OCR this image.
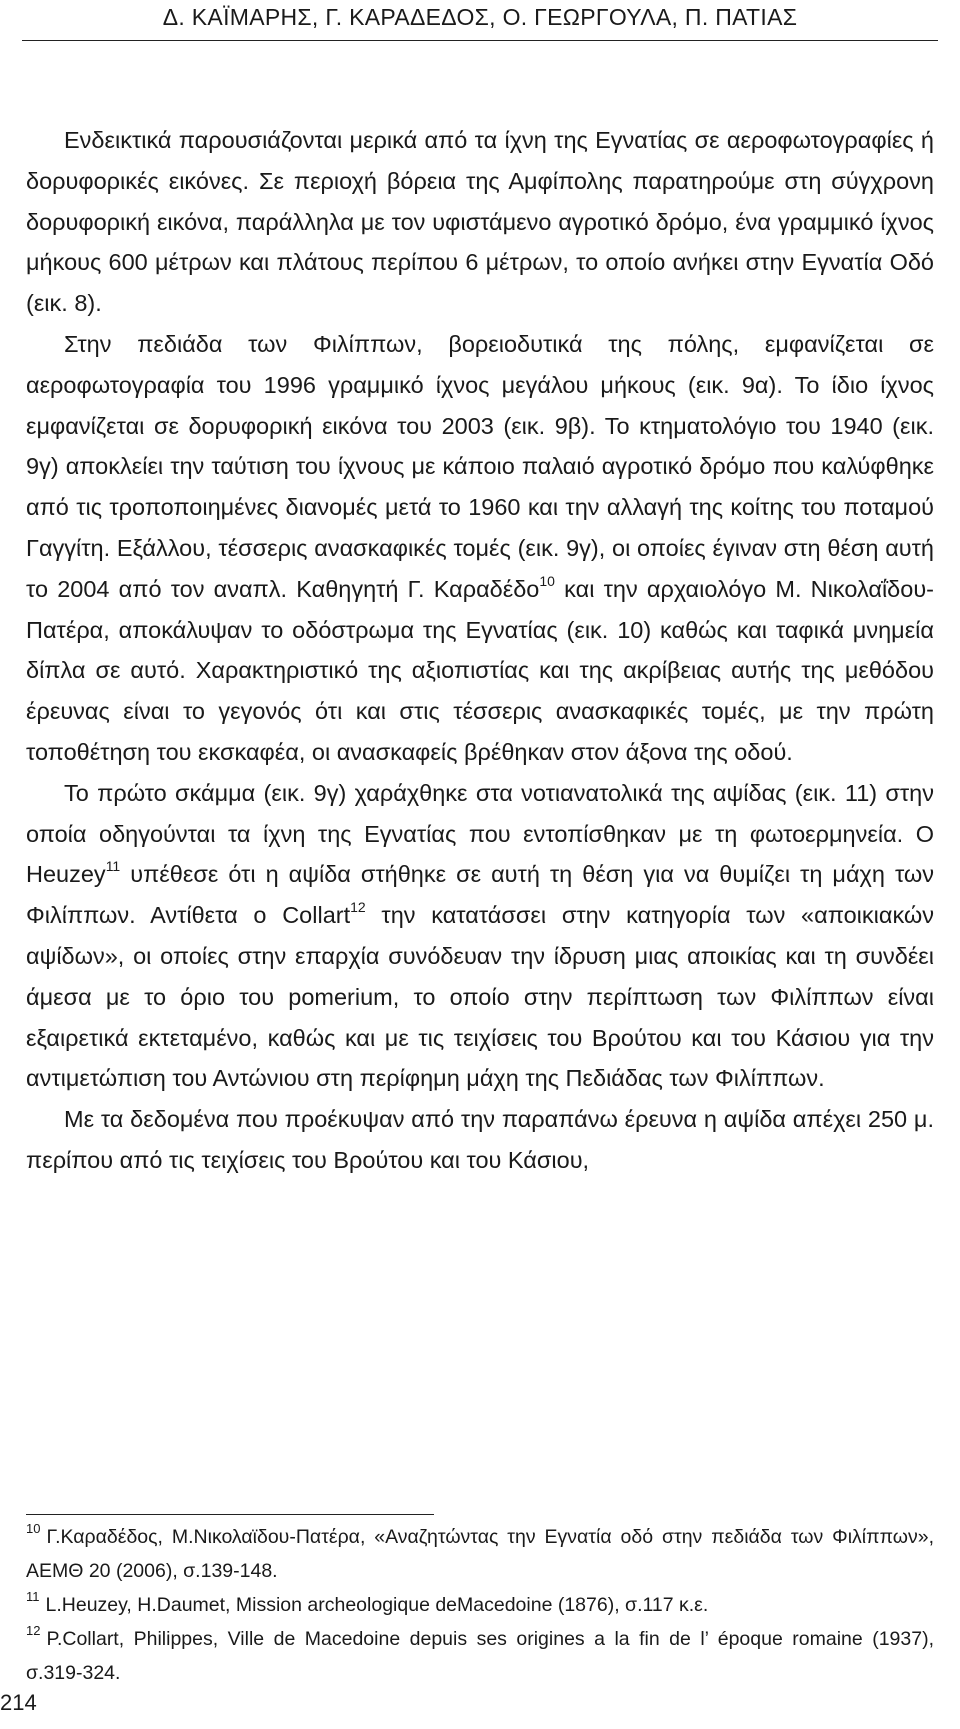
Δ. ΚΑΪΜΑΡΗΣ, Γ. ΚΑΡΑΔΕΔΟΣ, Ο. ΓΕΩΡΓΟΥΛΑ, Π. ΠΑΤΙΑΣ

Ενδεικτικά παρουσιάζονται μερικά από τα ίχνη της Εγνατίας σε αεροφωτογραφίες ή δορυφορικές εικόνες. Σε περιοχή βόρεια της Αμφίπολης παρατηρούμε στη σύγχρονη δορυφορική εικόνα, παράλληλα με τον υφιστάμενο αγροτικό δρόμο, ένα γραμμικό ίχνος μήκους 600 μέτρων και πλάτους περίπου 6 μέτρων, το οποίο ανήκει στην Εγνατία Οδό (εικ. 8).

Στην πεδιάδα των Φιλίππων, βορειοδυτικά της πόλης, εμφανίζεται σε αεροφωτογραφία του 1996 γραμμικό ίχνος μεγάλου μήκους (εικ. 9α). Το ίδιο ίχνος εμφανίζεται σε δορυφορική εικόνα του 2003 (εικ. 9β). Το κτηματολόγιο του 1940 (εικ. 9γ) αποκλείει την ταύτιση του ίχνους με κάποιο παλαιό αγροτικό δρόμο που καλύφθηκε από τις τροποποιημένες διανομές μετά το 1960 και την αλλαγή της κοίτης του ποταμού Γαγγίτη. Εξάλλου, τέσσερις ανασκαφικές τομές (εικ. 9γ), οι οποίες έγιναν στη θέση αυτή το 2004 από τον αναπλ. Καθηγητή Γ. Καραδέδο$^{10}$ και την αρχαιολόγο Μ. Νικολαΐδου-Πατέρα, αποκάλυψαν το οδόστρωμα της Εγνατίας (εικ. 10) καθώς και ταφικά μνημεία δίπλα σε αυτό. Χαρακτηριστικό της αξιοπιστίας και της ακρίβειας αυτής της μεθόδου έρευνας είναι το γεγονός ότι και στις τέσσερις ανασκαφικές τομές, με την πρώτη τοποθέτηση του εκσκαφέα, οι ανασκαφείς βρέθηκαν στον άξονα της οδού.

Το πρώτο σκάμμα (εικ. 9γ) χαράχθηκε στα νοτιανατολικά της αψίδας (εικ. 11) στην οποία οδηγούνται τα ίχνη της Εγνατίας που εντοπίσθηκαν με τη φωτοερμηνεία. Ο Heuzey$^{11}$ υπέθεσε ότι η αψίδα στήθηκε σε αυτή τη θέση για να θυμίζει τη μάχη των Φιλίππων. Αντίθετα ο Collart$^{12}$ την κατατάσσει στην κατηγορία των «αποικιακών αψίδων», οι οποίες στην επαρχία συνόδευαν την ίδρυση μιας αποικίας και τη συνδέει άμεσα με το όριο του pomerium, το οποίο στην περίπτωση των Φιλίππων είναι εξαιρετικά εκτεταμένο, καθώς και με τις τειχίσεις του Βρούτου και του Κάσιου για την αντιμετώπιση του Αντώνιου στη περίφημη μάχη της Πεδιάδας των Φιλίππων.

Με τα δεδομένα που προέκυψαν από την παραπάνω έρευνα η αψίδα απέχει 250 μ. περίπου από τις τειχίσεις του Βρούτου και του Κάσιου,

$^{10}$ Γ.Καραδέδος, Μ.Νικολαϊδου-Πατέρα, «Αναζητώντας την Εγνατία οδό στην πεδιάδα των Φιλίππων», ΑΕΜΘ 20 (2006), σ.139-148.

$^{11}$ L.Heuzey, H.Daumet, Mission archeologique deMacedoine (1876), σ.117 κ.ε.

$^{12}$ P.Collart, Philippes, Ville de Macedoine depuis ses origines a la fin de l’ époque romaine (1937), σ.319-324.

214
